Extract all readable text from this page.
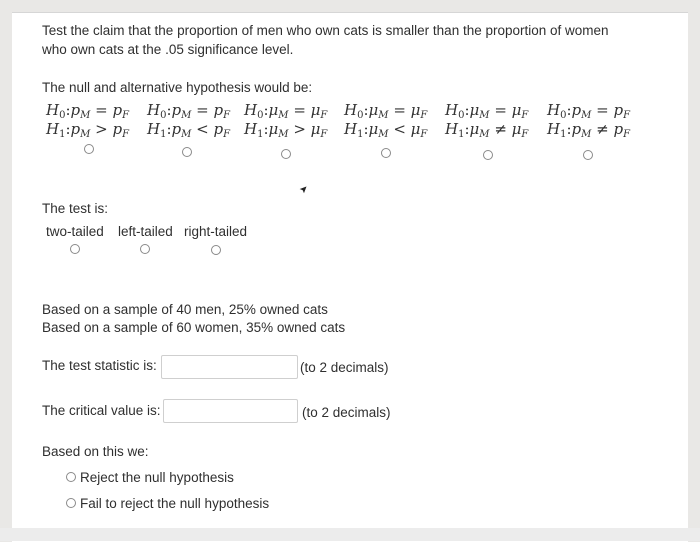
Test the claim that the proportion of men who own cats is smaller than the proportion of women
who own cats at the .05 significance level.
The null and alternative hypothesis would be:
$H_0:p_M = p_F$
$H_1:p_M > p_F$
$H_0:p_M = p_F$
$H_1:p_M < p_F$
$H_0:\mu_M = \mu_F$
$H_1:\mu_M > \mu_F$
$H_0:\mu_M = \mu_F$
$H_1:\mu_M < \mu_F$
$H_0:\mu_M = \mu_F$
$H_1:\mu_M \ne \mu_F$
$H_0:p_M = p_F$
$H_1:p_M \ne p_F$
The test is:
two-tailed left-tailed right-tailed
Based on a sample of 40 men, 25% owned cats
Based on a sample of 60 women, 35% owned cats
The test statistic is:	(to 2 decimals)
The critical value is:	(to 2 decimals)
Based on this we:
Reject the null hypothesis
Fail to reject the null hypothesis
